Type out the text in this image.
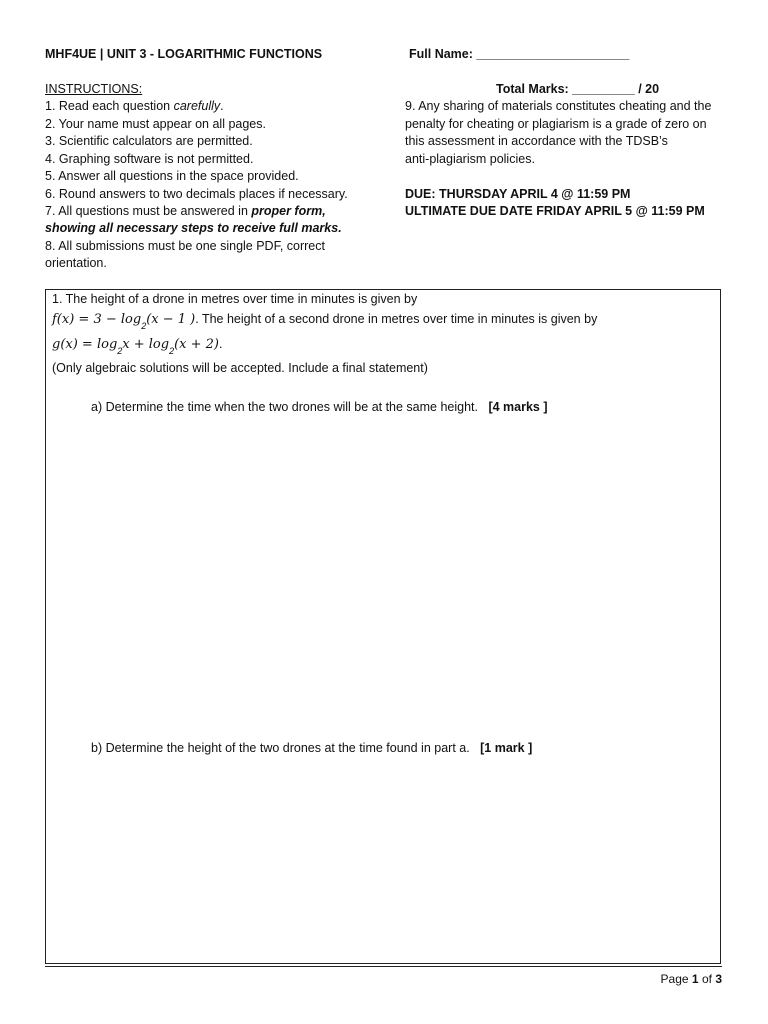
MHF4UE | UNIT 3 - LOGARITHMIC FUNCTIONS	Full Name: ______________________
INSTRUCTIONS:
1. Read each question carefully.
2. Your name must appear on all pages.
3. Scientific calculators are permitted.
4. Graphing software is not permitted.
5. Answer all questions in the space provided.
6. Round answers to two decimals places if necessary.
7. All questions must be answered in proper form,
showing all necessary steps to receive full marks.
8. All submissions must be one single PDF, correct
orientation.
Total Marks: _________ / 20
9. Any sharing of materials constitutes cheating and the
penalty for cheating or plagiarism is a grade of zero on
this assessment in accordance with the TDSB’s
anti-plagiarism policies.
DUE: THURSDAY APRIL 4 @ 11:59 PM
ULTIMATE DUE DATE FRIDAY APRIL 5 @ 11:59 PM
1. The height of a drone in metres over time in minutes is given by
$f(x) = 3 - \log_2(x - 1$ ). The height of a second drone in metres over time in minutes is given by
$g(x) = \log_2x + \log_2(x + 2)$.
(Only algebraic solutions will be accepted. Include a final statement)
a) Determine the time when the two drones will be at the same height. [4 marks ]
b) Determine the height of the two drones at the time found in part a. [1 mark ]
Page 1 of 3
